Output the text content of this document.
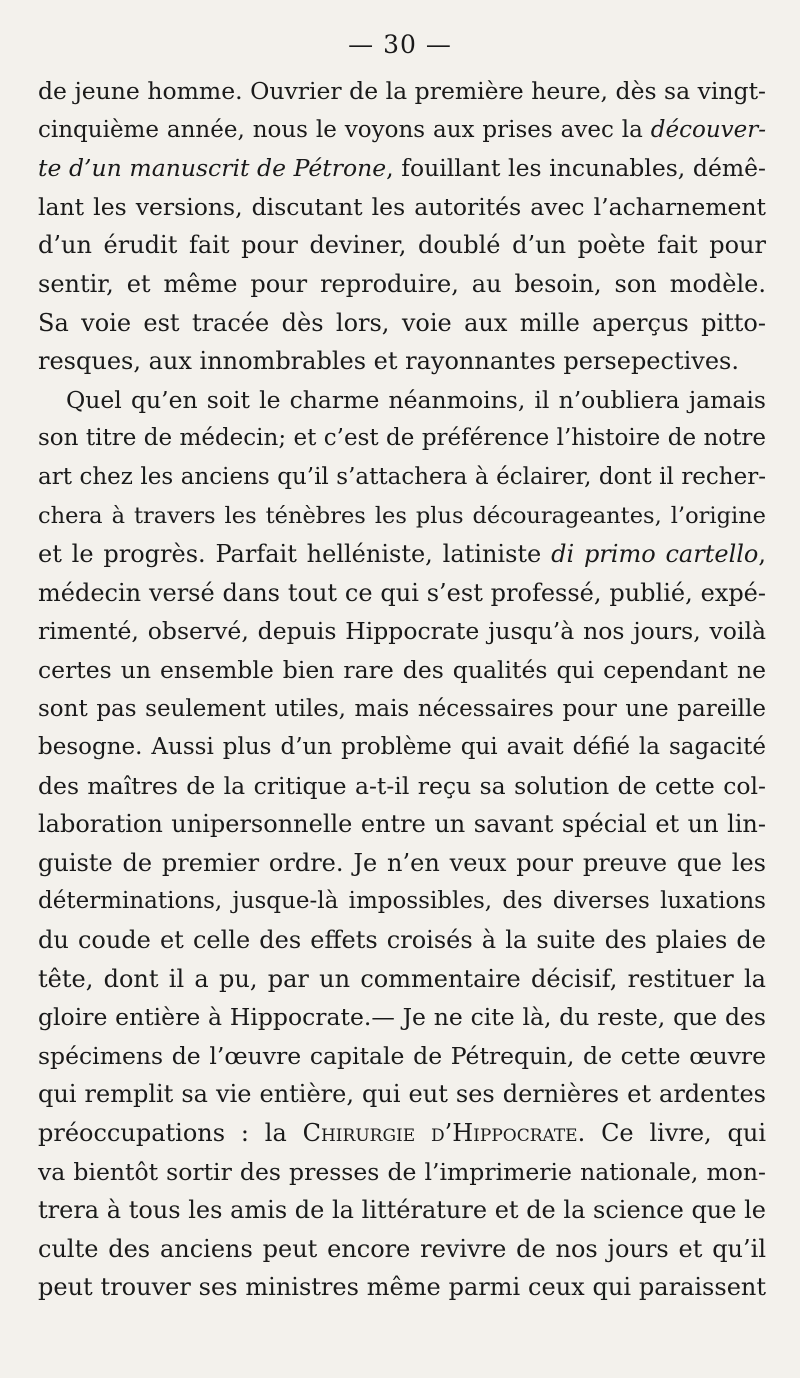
— 30 —
de jeune homme. Ouvrier de la première heure, dès sa vingt-
cinquième année, nous le voyons aux prises avec la découver-
te d’un manuscrit de Pétrone, fouillant les incunables, démê-
lant les versions, discutant les autorités avec l’acharnement
d’un érudit fait pour deviner, doublé d’un poète fait pour
sentir, et même pour reproduire, au besoin, son modèle.
Sa voie est tracée dès lors, voie aux mille aperçus pitto-
resques, aux innombrables et rayonnantes persepectives.
Quel qu’en soit le charme néanmoins, il n’oubliera jamais
son titre de médecin; et c’est de préférence l’histoire de notre
art chez les anciens qu’il s’attachera à éclairer, dont il recher-
chera à travers les ténèbres les plus décourageantes, l’origine
et le progrès. Parfait helléniste, latiniste di primo cartello,
médecin versé dans tout ce qui s’est professé, publié, expé-
rimenté, observé, depuis Hippocrate jusqu’à nos jours, voilà
certes un ensemble bien rare des qualités qui cependant ne
sont pas seulement utiles, mais nécessaires pour une pareille
besogne. Aussi plus d’un problème qui avait défié la sagacité
des maîtres de la critique a-t-il reçu sa solution de cette col-
laboration unipersonnelle entre un savant spécial et un lin-
guiste de premier ordre. Je n’en veux pour preuve que les
déterminations, jusque-là impossibles, des diverses luxations
du coude et celle des effets croisés à la suite des plaies de
tête, dont il a pu, par un commentaire décisif, restituer la
gloire entière à Hippocrate.— Je ne cite là, du reste, que des
spécimens de l’œuvre capitale de Pétrequin, de cette œuvre
qui remplit sa vie entière, qui eut ses dernières et ardentes
préoccupations : la Chirurgie d’Hippocrate. Ce livre, qui
va bientôt sortir des presses de l’imprimerie nationale, mon-
trera à tous les amis de la littérature et de la science que le
culte des anciens peut encore revivre de nos jours et qu’il
peut trouver ses ministres même parmi ceux qui paraissent
